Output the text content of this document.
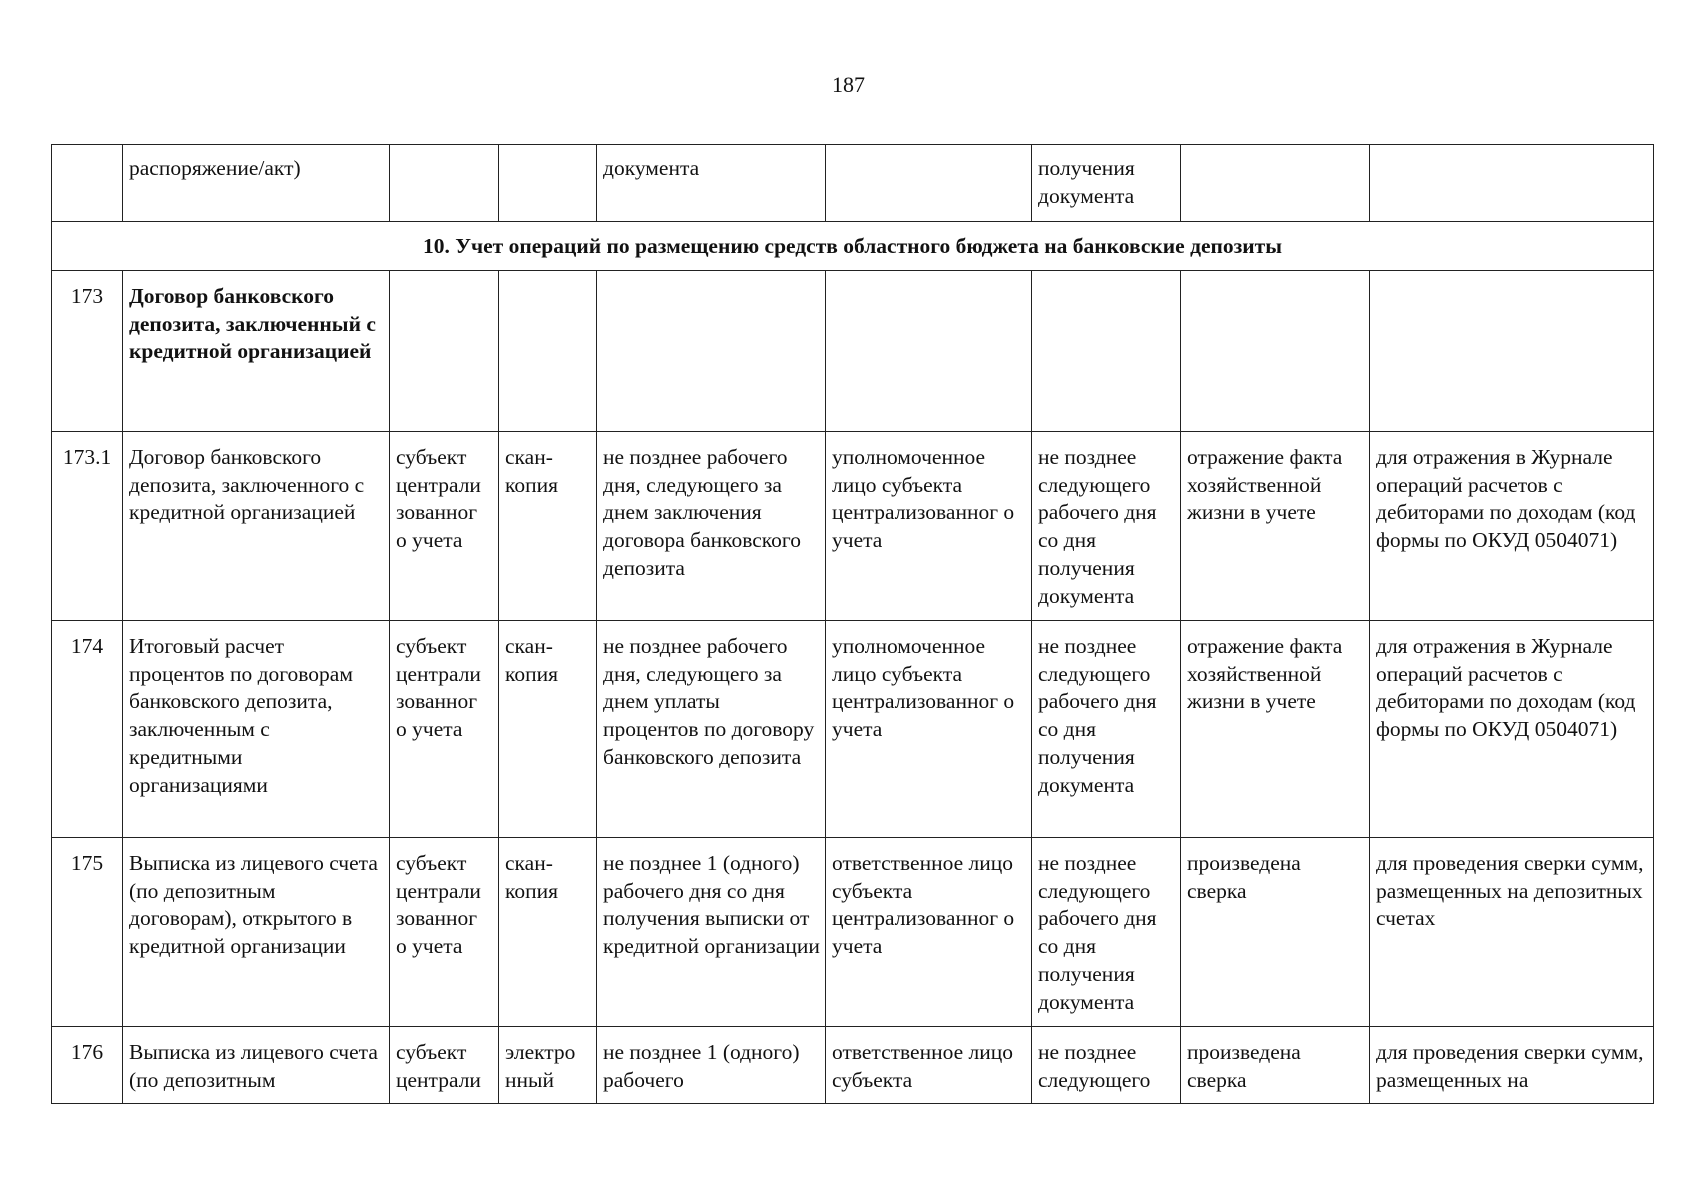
187
	распоряжение/акт)			документа		получения документа		
10. Учет операций по размещению средств областного бюджета на банковские депозиты								
173	Договор банковского депозита, заключенный с кредитной организацией							
173.1	Договор банковского депозита, заключенного с кредитной организацией	субъект централи зованног о учета	скан-копия	не позднее рабочего дня, следующего за днем заключения договора банковского депозита	уполномоченное лицо субъекта централизованног о учета	не позднее следующего рабочего дня со дня получения документа	отражение факта хозяйственной жизни в учете	для отражения в Журнале операций расчетов с дебиторами по доходам (код формы по ОКУД 0504071)
174	Итоговый расчет процентов по договорам банковского депозита, заключенным с кредитными организациями	субъект централи зованног о учета	скан-копия	не позднее рабочего дня, следующего за днем уплаты процентов по договору банковского депозита	уполномоченное лицо субъекта централизованног о учета	не позднее следующего рабочего дня со дня получения документа	отражение факта хозяйственной жизни в учете	для отражения в Журнале операций расчетов с дебиторами по доходам (код формы по ОКУД 0504071)
175	Выписка из лицевого счета (по депозитным договорам), открытого в кредитной организации	субъект централи зованног о учета	скан-копия	не позднее 1 (одного) рабочего дня со дня получения выписки от кредитной организации	ответственное лицо субъекта централизованног о учета	не позднее следующего рабочего дня со дня получения документа	произведена сверка	для проведения сверки сумм, размещенных на депозитных счетах
176	Выписка из лицевого счета (по депозитным	субъект централи	электро нный	не позднее 1 (одного) рабочего	ответственное лицо субъекта	не позднее следующего	произведена сверка	для проведения сверки сумм, размещенных на
